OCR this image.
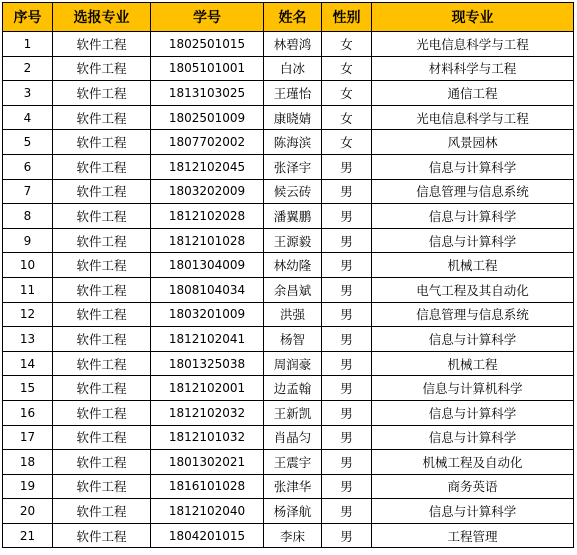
序号	选报专业	学号	姓名	性别	现专业
1	软件工程	1802501015	林碧鸿	女	光电信息科学与工程
2	软件工程	1805101001	白冰	女	材料科学与工程
3	软件工程	1813103025	王瑾怡	女	通信工程
4	软件工程	1802501009	康晓婧	女	光电信息科学与工程
5	软件工程	1807702002	陈海滨	女	风景园林
6	软件工程	1812102045	张泽宇	男	信息与计算科学
7	软件工程	1803202009	候云砖	男	信息管理与信息系统
8	软件工程	1812102028	潘翼鹏	男	信息与计算科学
9	软件工程	1812101028	王源毅	男	信息与计算科学
10	软件工程	1801304009	林幼隆	男	机械工程
11	软件工程	1808104034	余昌斌	男	电气工程及其自动化
12	软件工程	1803201009	洪强	男	信息管理与信息系统
13	软件工程	1812102041	杨智	男	信息与计算科学
14	软件工程	1801325038	周润豪	男	机械工程
15	软件工程	1812102001	边孟翰	男	信息与计算机科学
16	软件工程	1812102032	王新凯	男	信息与计算科学
17	软件工程	1812101032	肖晶匀	男	信息与计算科学
18	软件工程	1801302021	王震宇	男	机械工程及自动化
19	软件工程	1816101028	张津华	男	商务英语
20	软件工程	1812102040	杨泽航	男	信息与计算科学
21	软件工程	1804201015	李床	男	工程管理
